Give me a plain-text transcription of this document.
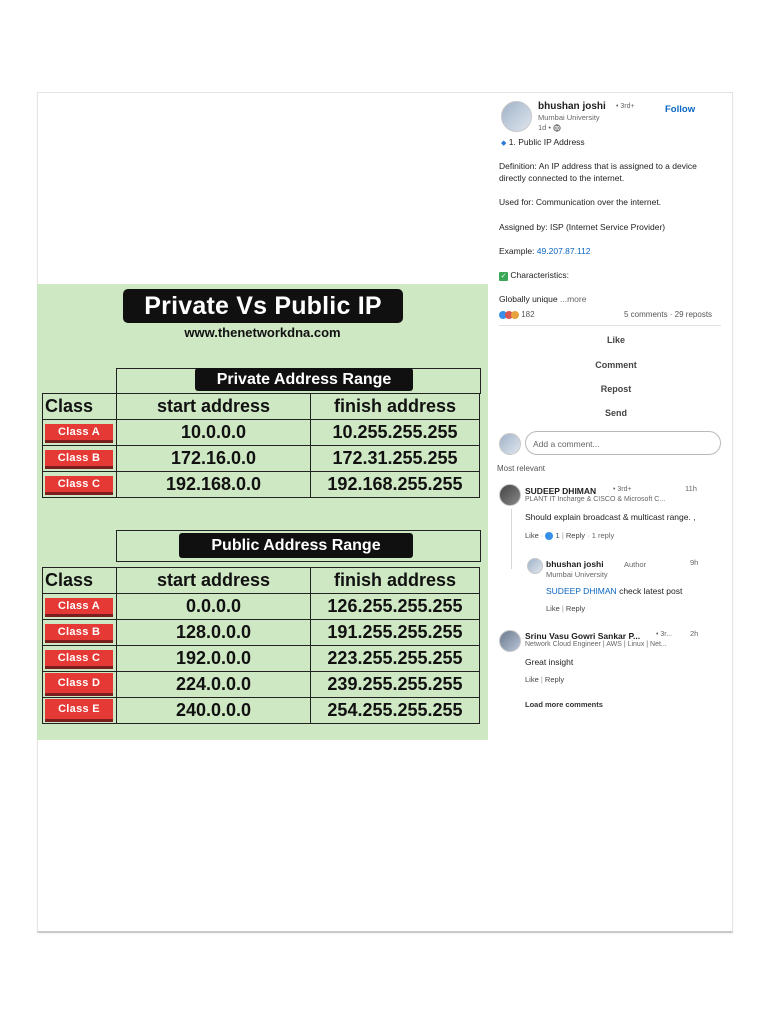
Private Vs Public IP
www.thenetworkdna.com
Private Address Range
Class	start address	finish address
Class A	10.0.0.0	10.255.255.255
Class B	172.16.0.0	172.31.255.255
Class C	192.168.0.0	192.168.255.255
Public Address Range
Class	start address	finish address
Class A	0.0.0.0	126.255.255.255
Class B	128.0.0.0	191.255.255.255
Class C	192.0.0.0	223.255.255.255
Class D	224.0.0.0	239.255.255.255
Class E	240.0.0.0	254.255.255.255
bhushan joshi • 3rd+
Mumbai University
1d •
Follow
◆ 1. Public IP Address
Definition: An IP address that is assigned to a device directly connected to the internet.
Used for: Communication over the internet.
Assigned by: ISP (Internet Service Provider)
Example: 49.207.87.112
✓ Characteristics:
Globally unique ...more
182	5 comments · 29 reposts
Like
Comment
Repost
Send
Add a comment...
Most relevant
SUDEEP DHIMAN • 3rd+	11h
PLANT IT Incharge & CISCO & Microsoft C...
Should explain broadcast & multicast range. ,
Like · 1 | Reply · 1 reply
bhushan joshi	Author	9h
Mumbai University
SUDEEP DHIMAN check latest post
Like | Reply
Srinu Vasu Gowri Sankar P... • 3r... 2h
Network Cloud Engineer | AWS | Linux | Net...
Great insight
Like | Reply
Load more comments
